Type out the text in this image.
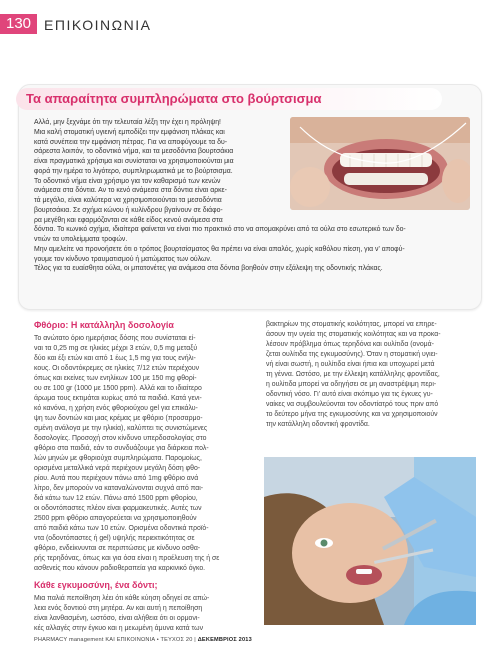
130 ΕΠΙΚΟΙΝΩΝΙΑ
Τα απαραίτητα συμπληρώματα στο βούρτσισμα
Αλλά, μην ξεχνάμε ότι την τελευταία λέξη την έχει η πρόληψη!
Μια καλή στοματική υγιεινή εμποδίζει την εμφάνιση πλάκας και
κατά συνέπεια την εμφάνιση πέτρας. Για να αποφύγουμε τα δυ-
σάρεστα λοιπόν, το οδοντικό νήμα, και τα μεσοδόντια βουρτσάκια
είναι πραγματικά χρήσιμα και συνίσταται να χρησιμοποιούνται μια
φορά την ημέρα το λιγότερο, συμπληρωματικά με το βούρτσισμα.
Το οδοντικό νήμα είναι χρήσιμο για τον καθαρισμό των κενών
ανάμεσα στα δόντια. Αν το κενό ανάμεσα στα δόντια είναι αρκε-
τά μεγάλο, είναι καλύτερα να χρησιμοποιούνται τα μεσοδόντια
βουρτσάκια. Σε σχήμα κώνου ή κυλίνδρου βγαίνουν σε διάφο-
ρα μεγέθη και εφαρμόζονται σε κάθε είδος κενού ανάμεσα στα
δόντια. Το κωνικό σχήμα, ιδιαίτερα φαίνεται να είναι πιο πρακτικό στο να απομακρύνει από τα ούλα στο εσωτερικό των δο-
ντιών τα υπολείμματα τροφών.
Μην αμελείτε να προνοήσετε ότι ο τρόπος βουρτσίσματος θα πρέπει να είναι απαλός, χωρίς καθόλου πίεση, για ν' αποφύ-
γουμε τον κίνδυνο τραυματισμού ή ματώματος των ούλων.
Τέλος για τα ευαίσθητα ούλα, οι μπατονέτες για ανάμεσα στα δόντια βοηθούν στην εξάλειψη της οδοντικής πλάκας.
Φθόριο: Η κατάλληλη δοσολογία
Το ανώτατο όριο ημερήσιας δόσης που συνίσταται εί-
ναι τα 0,25 mg σε ηλικίες μέχρι 3 ετών, 0,5 mg μεταξύ
δύο και έξι ετών και από 1 έως 1,5 mg για τους ενήλι-
κους. Οι οδοντόκρεμες σε ηλικίες 7/12 ετών περιέχουν
όπως και εκείνες των ενηλίκων 100 με 150 mg φθορί-
ου σε 100 gr (1000 με 1500 ppm). Αλλά και το ιδιαίτερο
άρωμα τους εκτιμάται κυρίως από τα παιδιά. Κατά γενι-
κό κανόνα, η χρήση ενός φθοριούχου gel για επικάλυ-
ψη των δοντιών και μιας κρέμας με φθόριο (προσαρμο-
σμένη ανάλογα με την ηλικία), καλύπτει τις συνιστώμενες
δοσολογίες. Προσοχή στον κίνδυνο υπερδοσολογίας στο
φθόριο στα παιδιά, εάν το συνδυάζουμε για διάρκεια πολ-
λών μηνών με φθοριούχα συμπληρώματα. Παρομοίως,
ορισμένα μεταλλικά νερά περιέχουν μεγάλη δόση φθο-
ρίου. Αυτά που περιέχουν πάνω από 1mg φθόριο ανά
λίτρο, δεν μπορούν να καταναλώνονται συχνά από παι-
διά κάτω των 12 ετών. Πάνω από 1500 ppm φθορίου,
οι οδοντόπαστες πλέον είναι φαρμακευτικές. Αυτές των
2500 ppm φθόριο απαγορεύεται να χρησιμοποιηθούν
από παιδιά κάτω των 10 ετών. Ορισμένα οδοντικά προϊό-
ντα (οδοντόπαστες ή gel) υψηλής περιεκτικότητας σε
φθόριο, ενδείκνυνται σε περιπτώσεις με κίνδυνο οσθα-
ρής τερηδόνας, όπως και για όσα είναι η προέλευση της ή σε
ασθενείς που κάνουν ραδιοθεραπεία για καρκινικό όγκο.
Κάθε εγκυμοσύνη, ένα δόντι;
Μια παλιά πεποίθηση λέει ότι κάθε κύηση οδηγεί σε απώ-
λεια ενός δοντιού στη μητέρα. Αν και αυτή η πεποίθηση
είναι λανθασμένη, ωστόσο, είναι αλήθεια ότι οι ορμονι-
κές αλλαγές στην έγκυο και η μειωμένη άμυνα κατά των
βακτηρίων της στοματικής κοιλότητας, μπορεί να επηρε-
άσουν την υγεία της στοματικής κοιλότητας και να προκα-
λέσουν πρόβλημα όπως τερηδόνα και ουλίτιδα (ονομά-
ζεται ουλίτιδα της εγκυμοσύνης). Όταν η στοματική υγιει-
νή είναι σωστή, η ουλίτιδα είναι ήπια και υποχωρεί μετά
τη γέννα. Ωστόσο, με την έλλειψη κατάλληλης φροντίδας,
η ουλίτιδα μπορεί να οδηγήσει σε μη αναστρέψιμη περι-
οδοντική νόσο. Γι' αυτό είναι σκόπιμο για τις έγκυες γυ-
ναίκες να συμβουλεύονται τον οδοντίατρό τους πριν από
το δεύτερο μήνα της εγκυμοσύνης και να χρησιμοποιούν
την κατάλληλη οδοντική φροντίδα.
PHARMACY management ΚΑΙ ΕΠΙΚΟΙΝΩΝΙΑ • ΤΕΥΧΟΣ 20 | ΔΕΚΕΜΒΡΙΟΣ 2013
